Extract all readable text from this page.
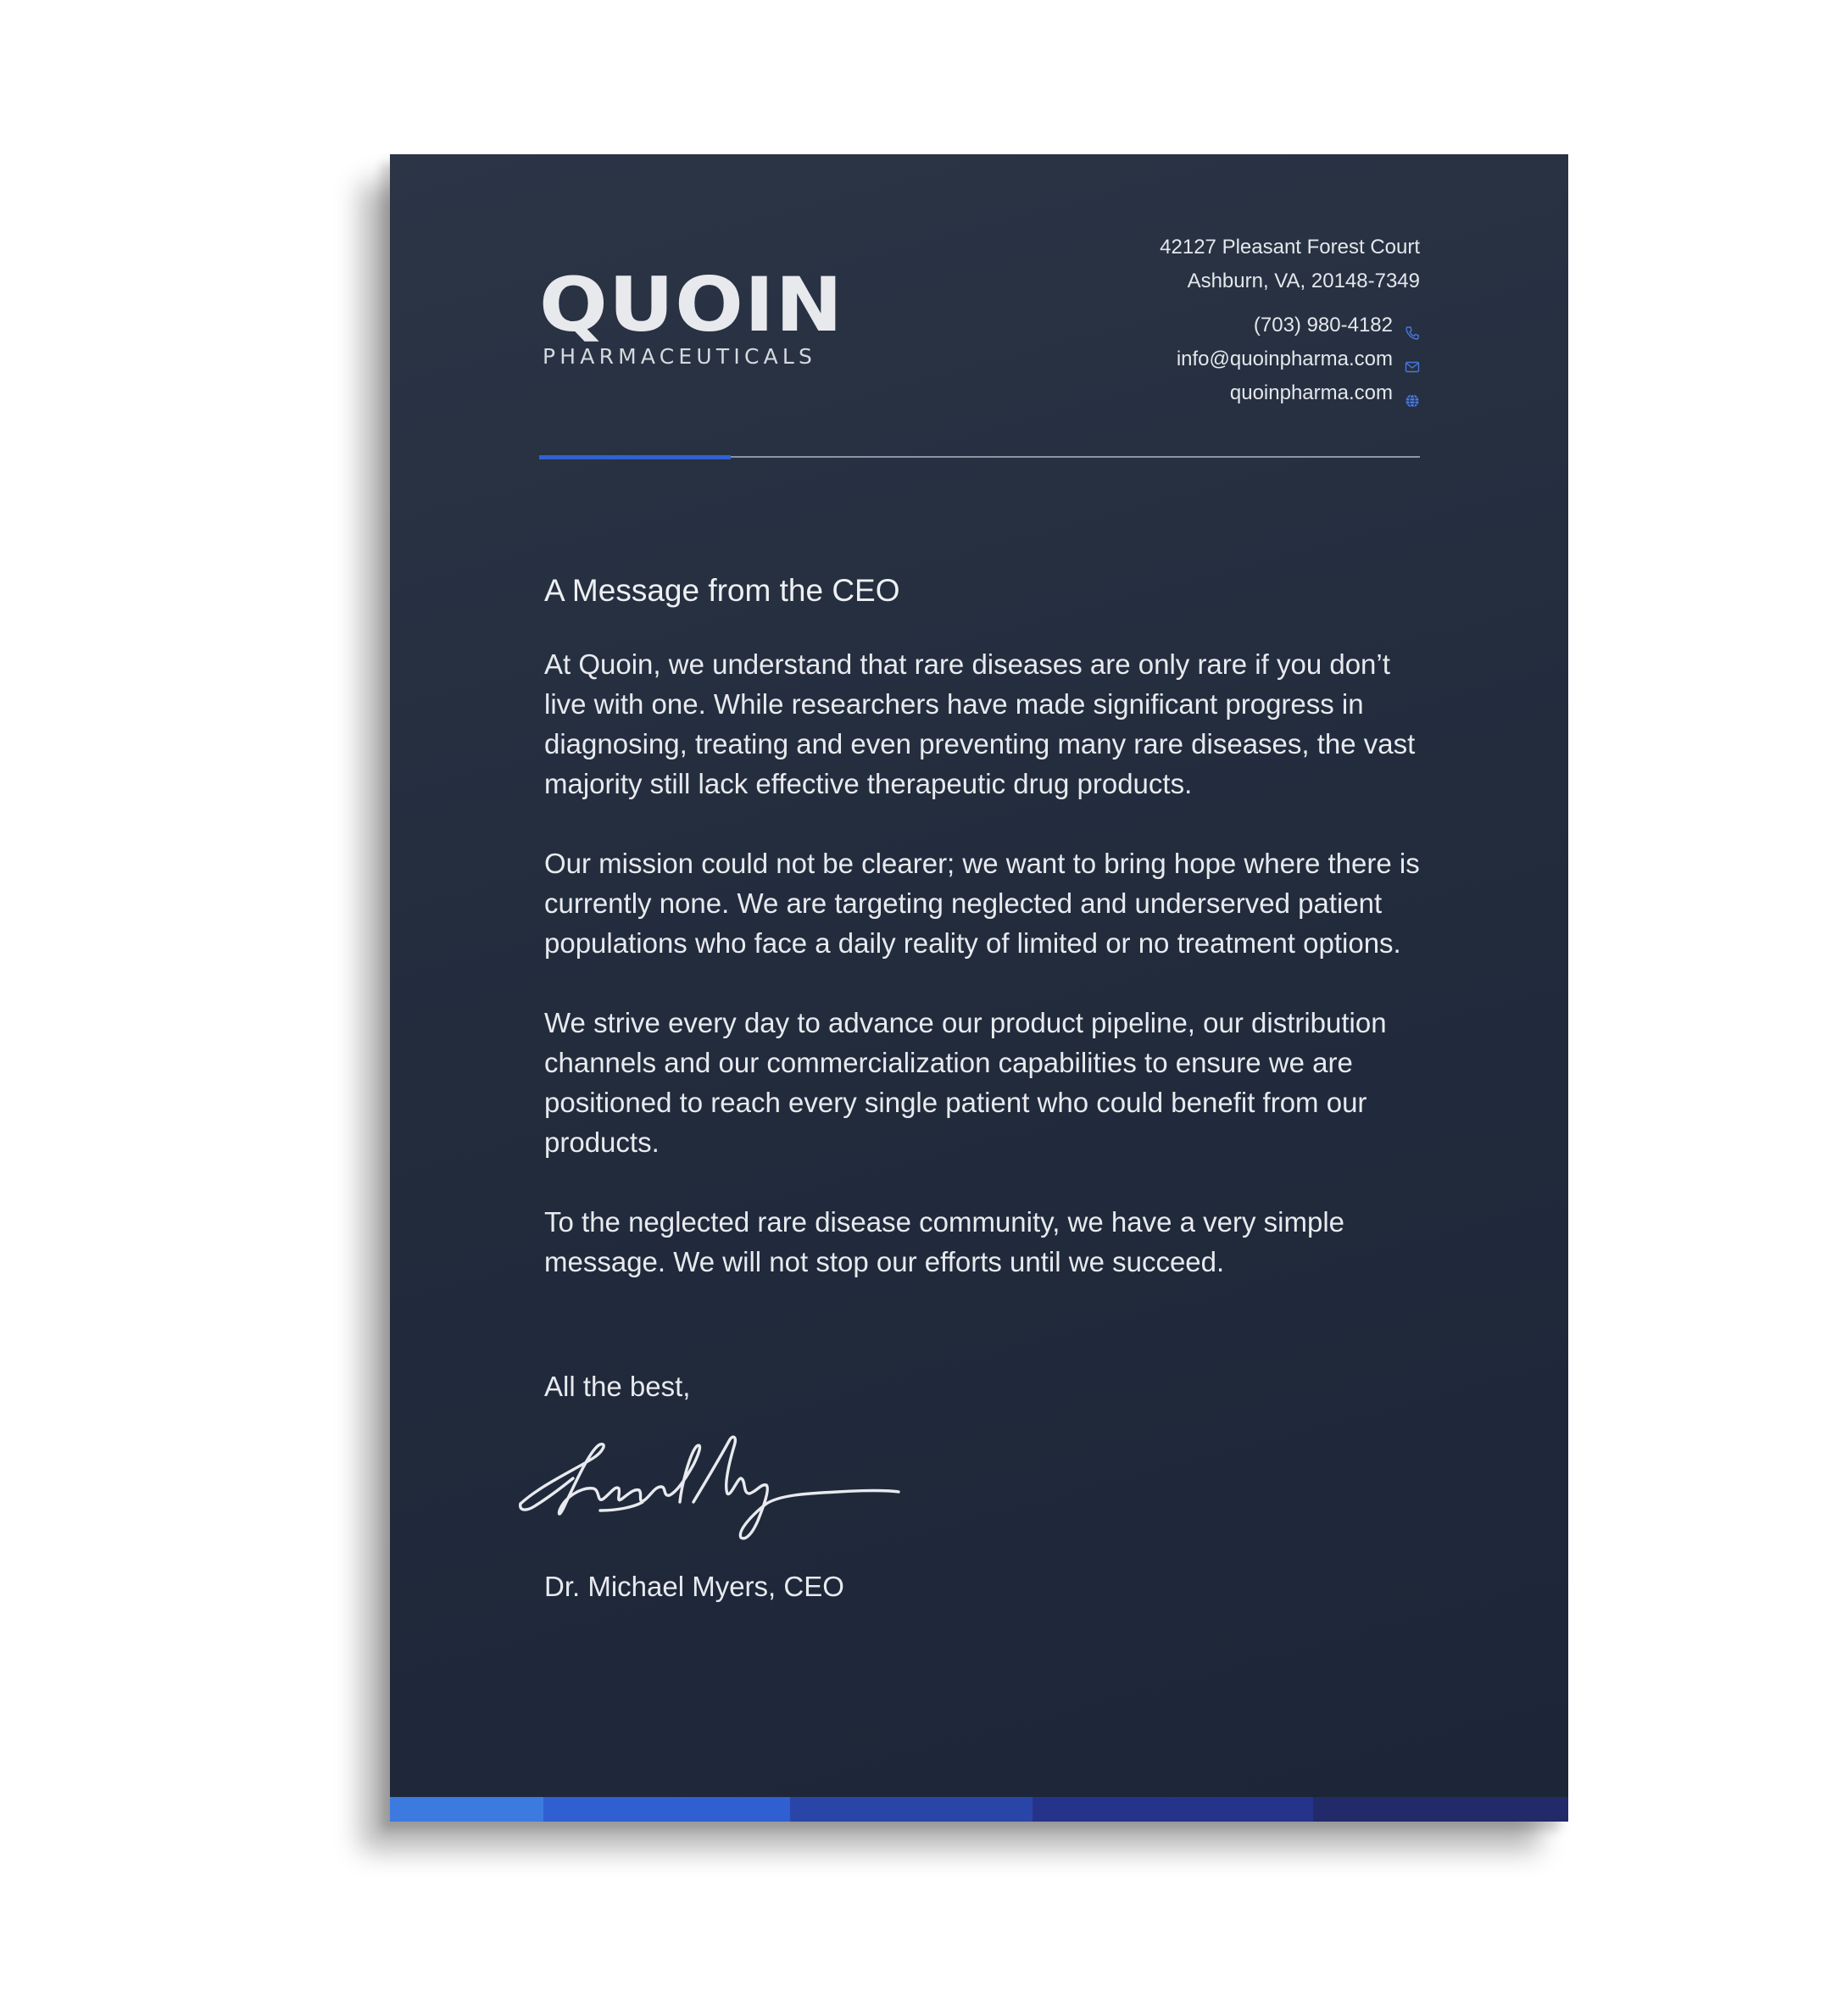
QUOIN
PHARMACEUTICALS
42127 Pleasant Forest Court
Ashburn, VA, 20148-7349
(703) 980-4182
info@quoinpharma.com
quoinpharma.com
A Message from the CEO

At Quoin, we understand that rare diseases are only rare if you don’t live with one. While researchers have made significant progress in diagnosing, treating and even preventing many rare diseases, the vast majority still lack effective therapeutic drug products.

Our mission could not be clearer; we want to bring hope where there is currently none. We are targeting neglected and underserved patient populations who face a daily reality of limited or no treatment options.

We strive every day to advance our product pipeline, our distribution channels and our commercialization capabilities to ensure we are positioned to reach every single patient who could benefit from our products.

To the neglected rare disease community, we have a very simple message. We will not stop our efforts until we succeed.

All the best,
Dr. Michael Myers, CEO
